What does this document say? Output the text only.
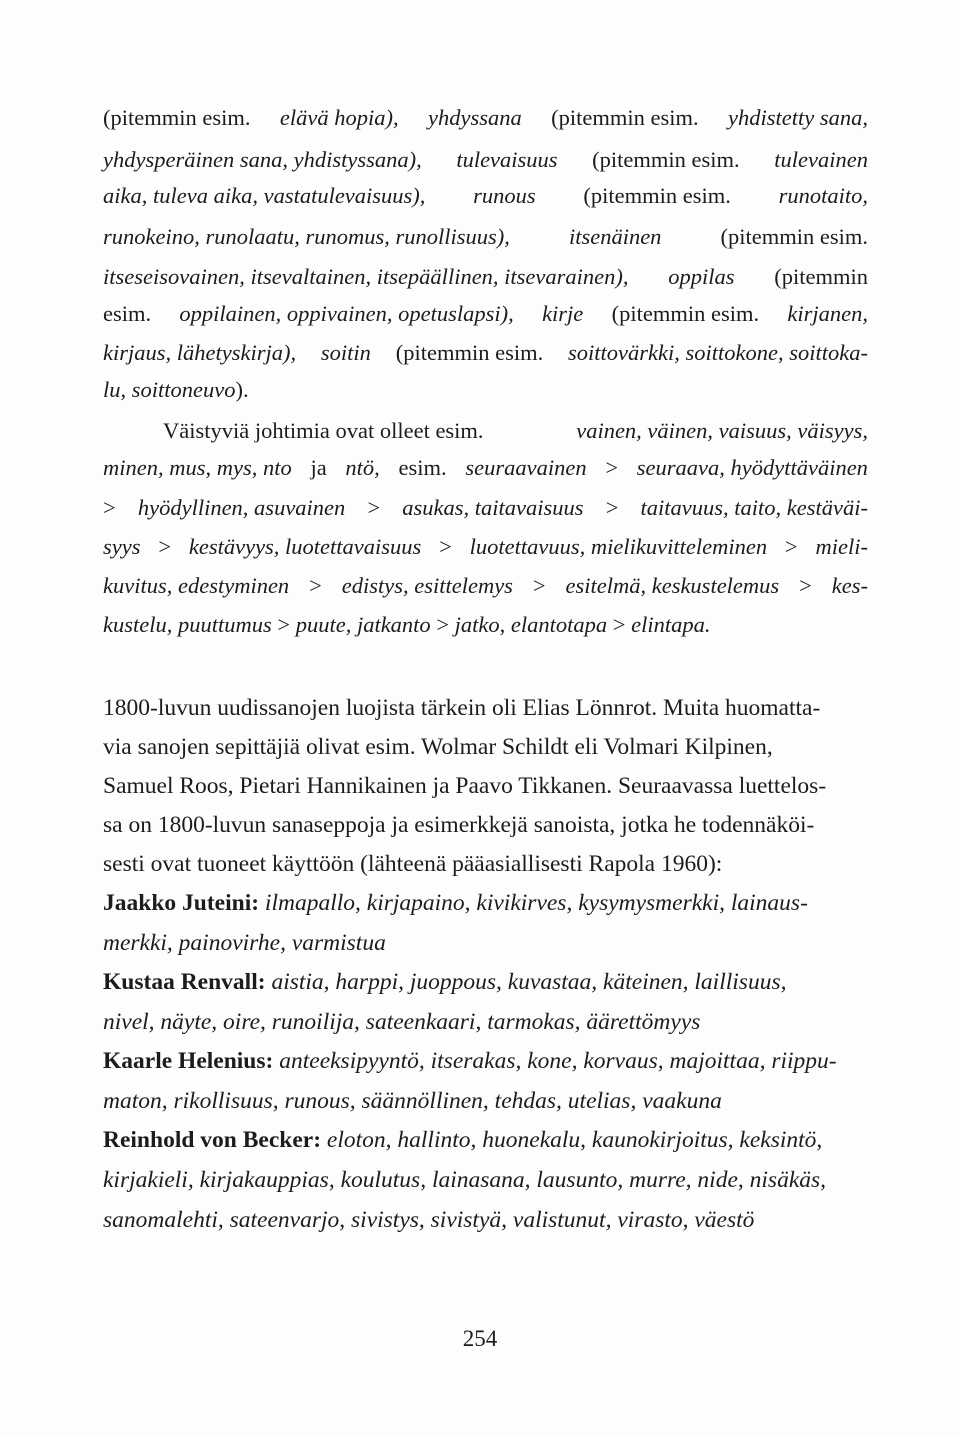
(pitemmin esim. elävä hopia), yhdyssana (pitemmin esim. yhdistetty sana,
yhdysperäinen sana, yhdistyssana), tulevaisuus (pitemmin esim. tulevainen
aika, tuleva aika, vastatulevaisuus), runous (pitemmin esim. runotaito,
runokeino, runolaatu, runomus, runollisuus),	itsenäinen	(pitemmin esim.
itseseisovainen, itsevaltainen, itsepäällinen, itsevarainen), oppilas (pitemmin
esim. oppilainen, oppivainen, opetuslapsi), kirje (pitemmin esim. kirjanen,
kirjaus, lähetyskirja), soitin (pitemmin esim. soittovärkki, soittokone, soittoka-
lu, soittoneuvo).
Väistyviä johtimia ovat olleet esim.	vainen, väinen, vaisuus, väisyys,
minen, mus, mys, nto ja ntö, esim. seuraavainen > seuraava, hyödyttäväinen
> hyödyllinen, asuvainen > asukas, taitavaisuus > taitavuus, taito, kestäväi-
syys > kestävyys, luotettavaisuus > luotettavuus, mielikuvitteleminen > mieli-
kuvitus, edestyminen > edistys, esittelemys > esitelmä, keskustelemus > kes-
kustelu, puuttumus > puute, jatkanto > jatko, elantotapa > elintapa.
1800-luvun uudissanojen luojista tärkein oli Elias Lönnrot. Muita huomatta-
via sanojen sepittäjiä olivat esim. Wolmar Schildt eli Volmari Kilpinen,
Samuel Roos, Pietari Hannikainen ja Paavo Tikkanen. Seuraavassa luettelos-
sa on 1800-luvun sanaseppoja ja esimerkkejä sanoista, jotka he todennäköi-
sesti ovat tuoneet käyttöön (lähteenä pääasiallisesti Rapola 1960):
Jaakko Juteini: ilmapallo, kirjapaino, kivikirves, kysymysmerkki, lainaus-
merkki, painovirhe, varmistua
Kustaa Renvall: aistia, harppi, juoppous, kuvastaa, käteinen, laillisuus,
nivel, näyte, oire, runoilija, sateenkaari, tarmokas, äärettömyys
Kaarle Helenius: anteeksipyyntö, itserakas, kone, korvaus, majoittaa, riippu-
maton, rikollisuus, runous, säännöllinen, tehdas, utelias, vaakuna
Reinhold von Becker: eloton, hallinto, huonekalu, kaunokirjoitus, keksintö,
kirjakieli, kirjakauppias, koulutus, lainasana, lausunto, murre, nide, nisäkäs,
sanomalehti, sateenvarjo, sivistys, sivistyä, valistunut, virasto, väestö
254
